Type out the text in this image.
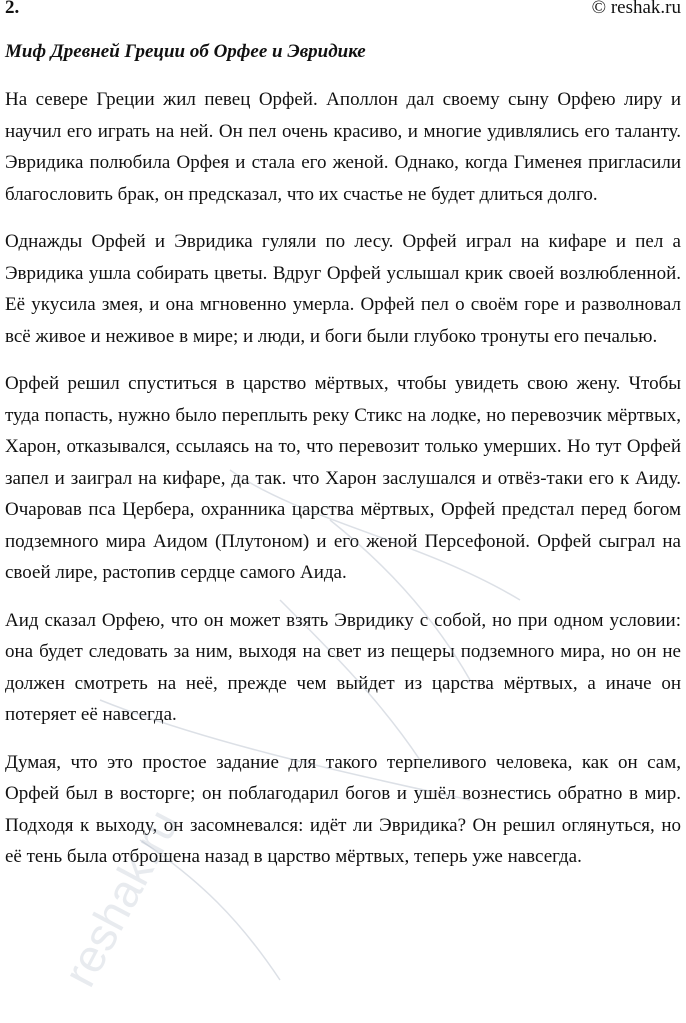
2.	© reshak.ru
Миф Древней Греции об Орфее и Эвридике

На севере Греции жил певец Орфей. Аполлон дал своему сыну Орфею лиру и научил его играть на ней. Он пел очень красиво, и многие удивлялись его таланту. Эвридика полюбила Орфея и стала его женой. Однако, когда Гименея пригласили благословить брак, он предсказал, что их счастье не будет длиться долго.

Однажды Орфей и Эвридика гуляли по лесу. Орфей играл на кифаре и пел а Эвридика ушла собирать цветы. Вдруг Орфей услышал крик своей возлюбленной. Её укусила змея, и она мгновенно умерла. Орфей пел о своём горе и разволновал всё живое и неживое в мире; и люди, и боги были глубоко тронуты его печалью.

Орфей решил спуститься в царство мёртвых, чтобы увидеть свою жену. Чтобы туда попасть, нужно было переплыть реку Стикс на лодке, но перевозчик мёртвых, Харон, отказывался, ссылаясь на то, что перевозит только умерших. Но тут Орфей запел и заиграл на кифаре, да так. что Харон заслушался и отвёз-таки его к Аиду. Очаровав пса Цербера, охранника царства мёртвых, Орфей предстал перед богом подземного мира Аидом (Плутоном) и его женой Персефоной. Орфей сыграл на своей лире, растопив сердце самого Аида.

Аид сказал Орфею, что он может взять Эвридику с собой, но при одном условии: она будет следовать за ним, выходя на свет из пещеры подземного мира, но он не должен смотреть на неё, прежде чем выйдет из царства мёртвых, а иначе он потеряет её навсегда.

Думая, что это простое задание для такого терпеливого человека, как он сам, Орфей был в восторге; он поблагодарил богов и ушёл вознестись обратно в мир. Подходя к выходу, он засомневался: идёт ли Эвридика? Он решил оглянуться, но её тень была отброшена назад в царство мёртвых, теперь уже навсегда.

reshak.ru
